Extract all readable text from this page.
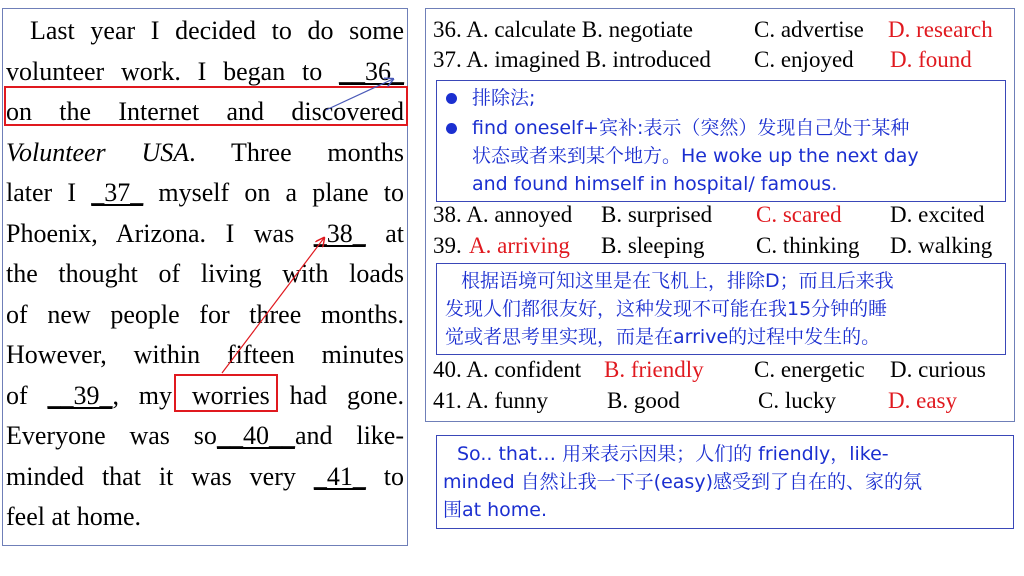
Last year I decided to do some
volunteer work. I began to __36_
on the Internet and discovered
Volunteer USA. Three months
later I _37_ myself on a plane to
Phoenix, Arizona. I was _38_ at
the thought of living with loads
of new people for three months.
However, within fifteen minutes
of __39_, my worries had gone.
Everyone was so__40__and like-
minded that it was very _41_ to
feel at home.
36. A. calculate B. negotiate	C. advertise D. research
37. A. imagined B. introduced C. enjoyed D. found
排除法;
find oneself+宾补:表示（突然）发现自己处于某种
状态或者来到某个地方。He woke up the next day
and found himself in hospital/ famous.
38. A. annoyed B. surprised C. scared D. excited
39. A. arriving B. sleeping C. thinking D. walking
根据语境可知这里是在飞机上，排除D；而且后来我
发现人们都很友好，这种发现不可能在我15分钟的睡
觉或者思考里实现，而是在arrive的过程中发生的。
40. A. confident B. friendly C. energetic D. curious
41. A. funny	B. good	C. lucky D. easy
So.. that… 用来表示因果；人们的 friendly，like-
minded 自然让我一下子(easy)感受到了自在的、家的氛
围at home.
